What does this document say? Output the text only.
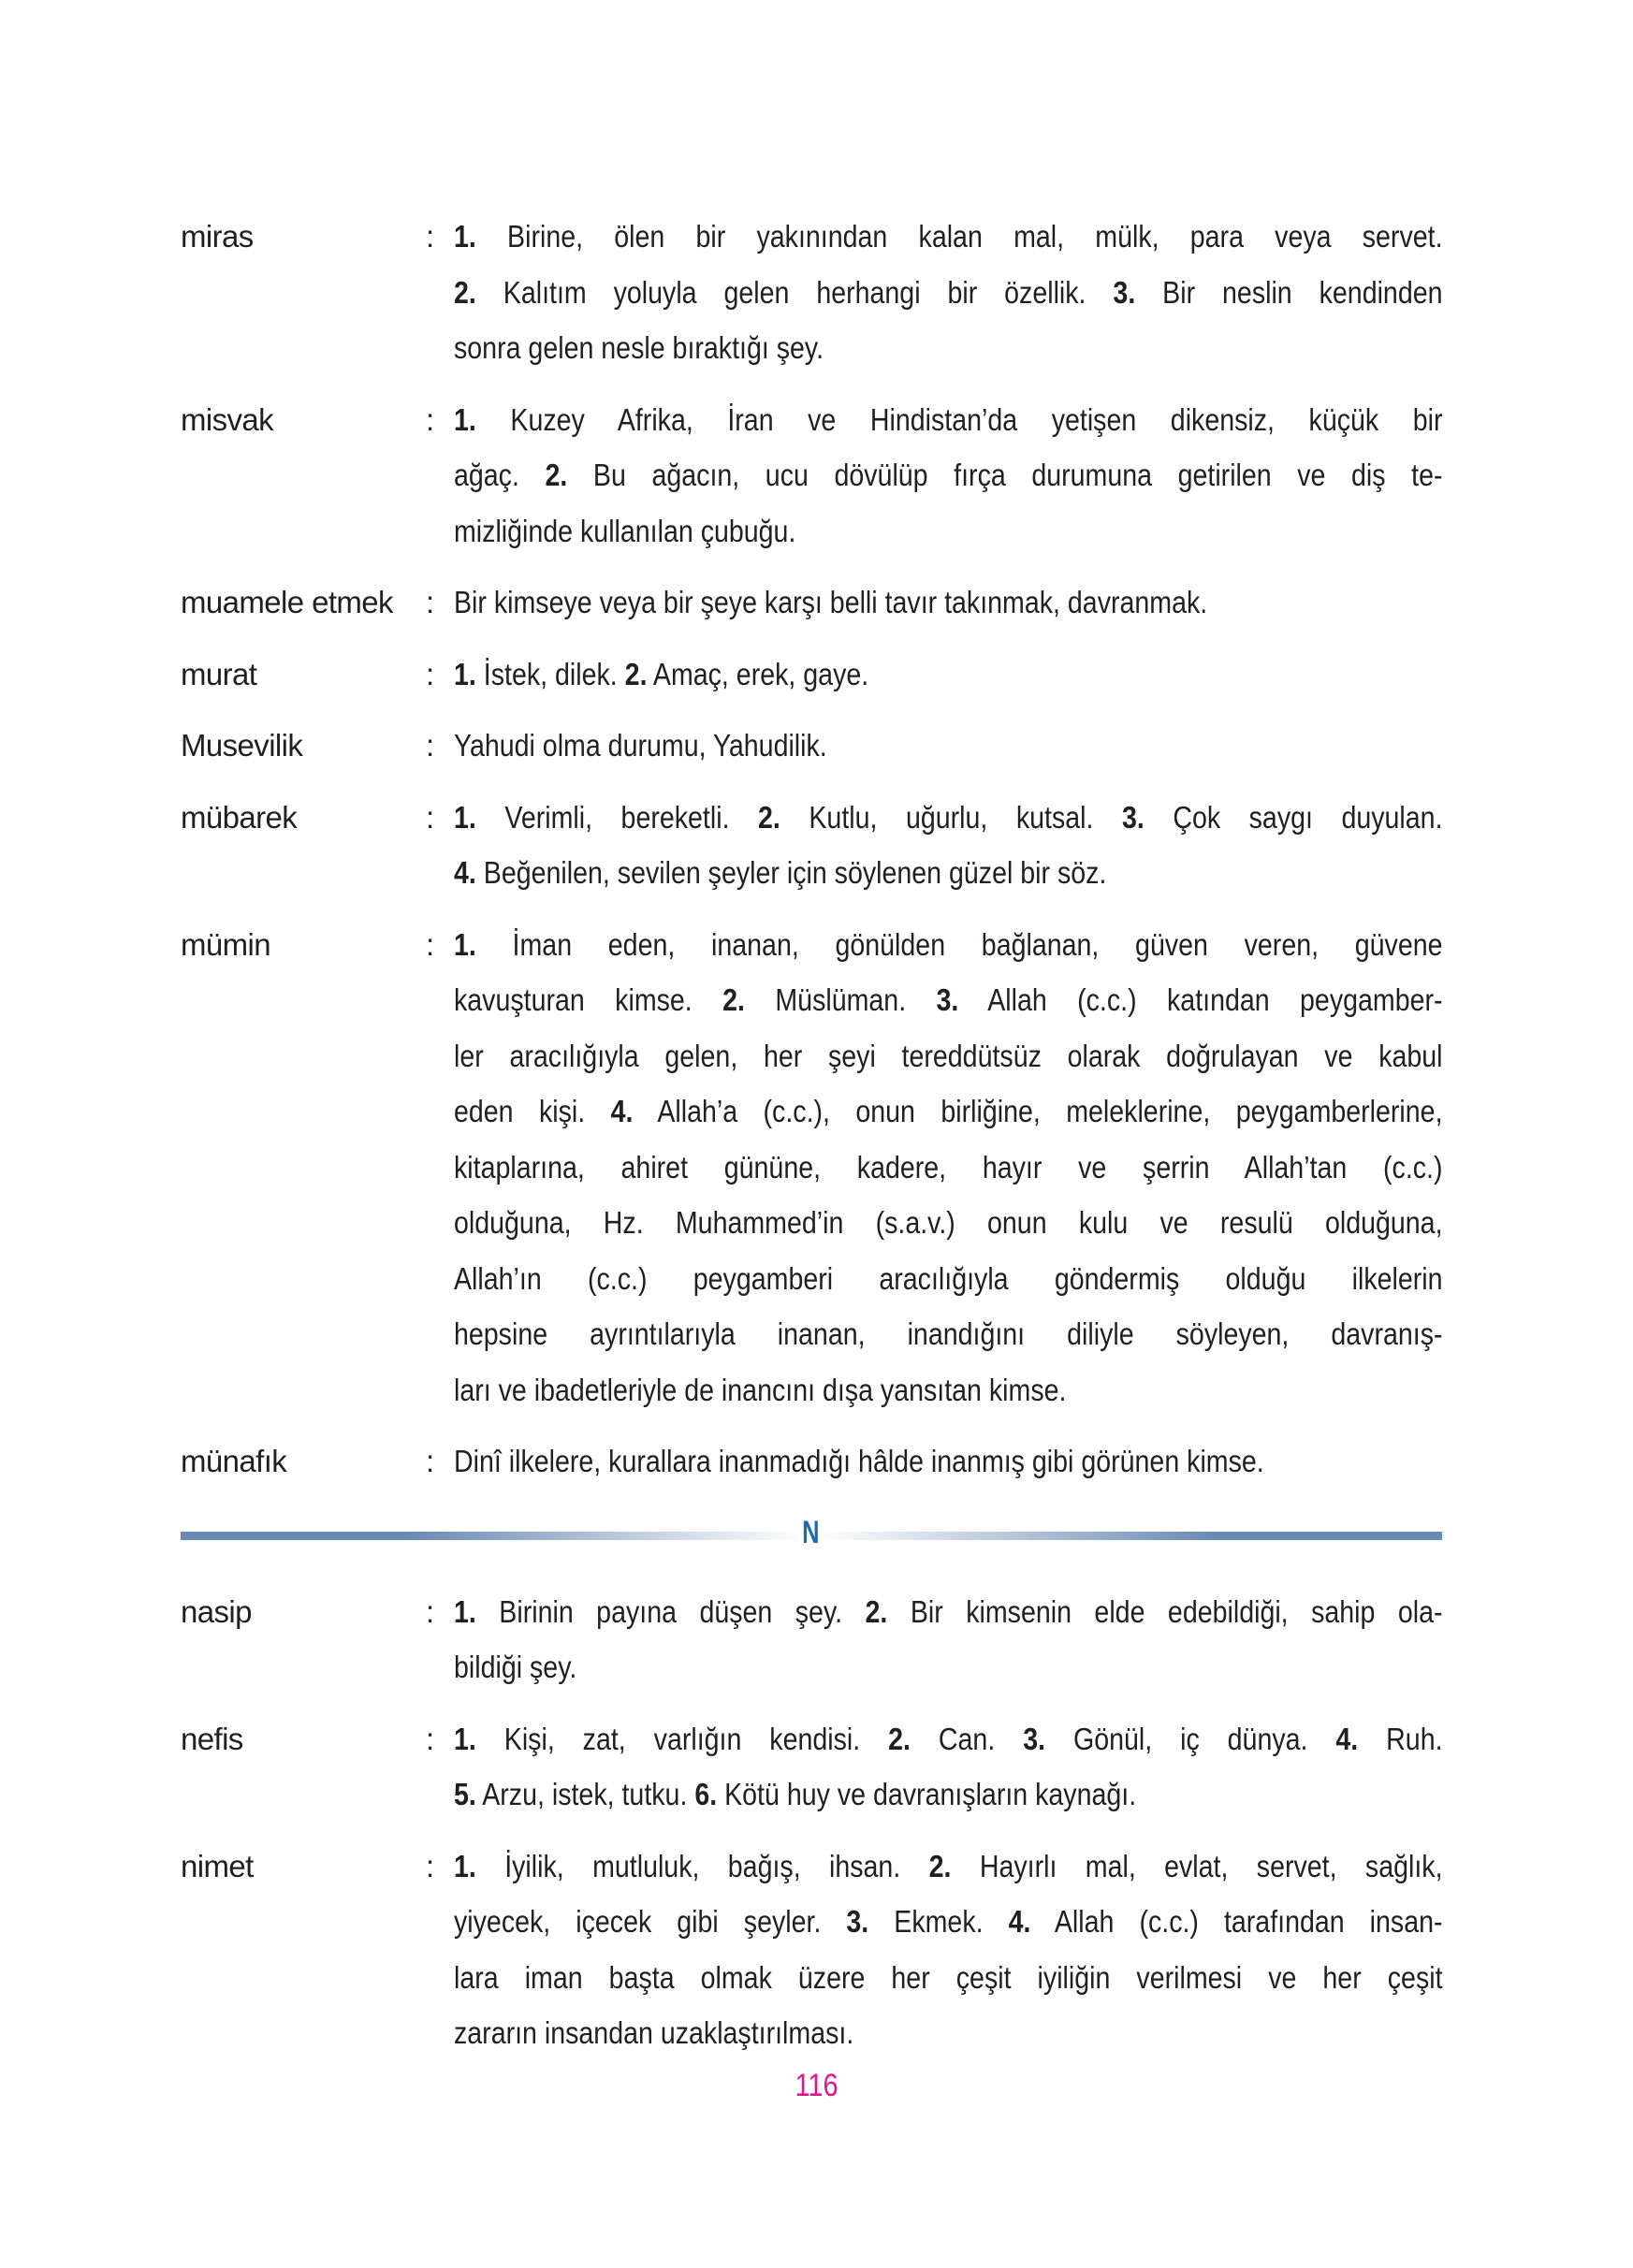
miras	: 1. Birine, ölen bir yakınından kalan mal, mülk, para veya servet.
2. Kalıtım yoluyla gelen herhangi bir özellik. 3. Bir neslin kendinden
sonra gelen nesle bıraktığı şey.
misvak	: 1. Kuzey Afrika, İran ve Hindistan’da yetişen dikensiz, küçük bir
ağaç. 2. Bu ağacın, ucu dövülüp fırça durumuna getirilen ve diş te-
mizliğinde kullanılan çubuğu.
muamele etmek	: Bir kimseye veya bir şeye karşı belli tavır takınmak, davranmak.
murat	: 1. İstek, dilek. 2. Amaç, erek, gaye.
Musevilik	: Yahudi olma durumu, Yahudilik.
mübarek	: 1. Verimli, bereketli. 2. Kutlu, uğurlu, kutsal. 3. Çok saygı duyulan.
4. Beğenilen, sevilen şeyler için söylenen güzel bir söz.
mümin	: 1. İman eden, inanan, gönülden bağlanan, güven veren, güvene
kavuşturan kimse. 2. Müslüman. 3. Allah (c.c.) katından peygamber-
ler aracılığıyla gelen, her şeyi tereddütsüz olarak doğrulayan ve kabul
eden kişi. 4. Allah’a (c.c.), onun birliğine, meleklerine, peygamberlerine,
kitaplarına, ahiret gününe, kadere, hayır ve şerrin Allah’tan (c.c.)
olduğuna, Hz. Muhammed’in (s.a.v.) onun kulu ve resulü olduğuna,
Allah’ın (c.c.) peygamberi aracılığıyla göndermiş olduğu ilkelerin
hepsine ayrıntılarıyla inanan, inandığını diliyle söyleyen, davranış-
ları ve ibadetleriyle de inancını dışa yansıtan kimse.
münafık	: Dinî ilkelere, kurallara inanmadığı hâlde inanmış gibi görünen kimse.
N
nasip	: 1. Birinin payına düşen şey. 2. Bir kimsenin elde edebildiği, sahip ola-
bildiği şey.
nefis	: 1. Kişi, zat, varlığın kendisi. 2. Can. 3. Gönül, iç dünya. 4. Ruh.
5. Arzu, istek, tutku. 6. Kötü huy ve davranışların kaynağı.
nimet	: 1. İyilik, mutluluk, bağış, ihsan. 2. Hayırlı mal, evlat, servet, sağlık,
yiyecek, içecek gibi şeyler. 3. Ekmek. 4. Allah (c.c.) tarafından insan-
lara iman başta olmak üzere her çeşit iyiliğin verilmesi ve her çeşit
zararın insandan uzaklaştırılması.
116
